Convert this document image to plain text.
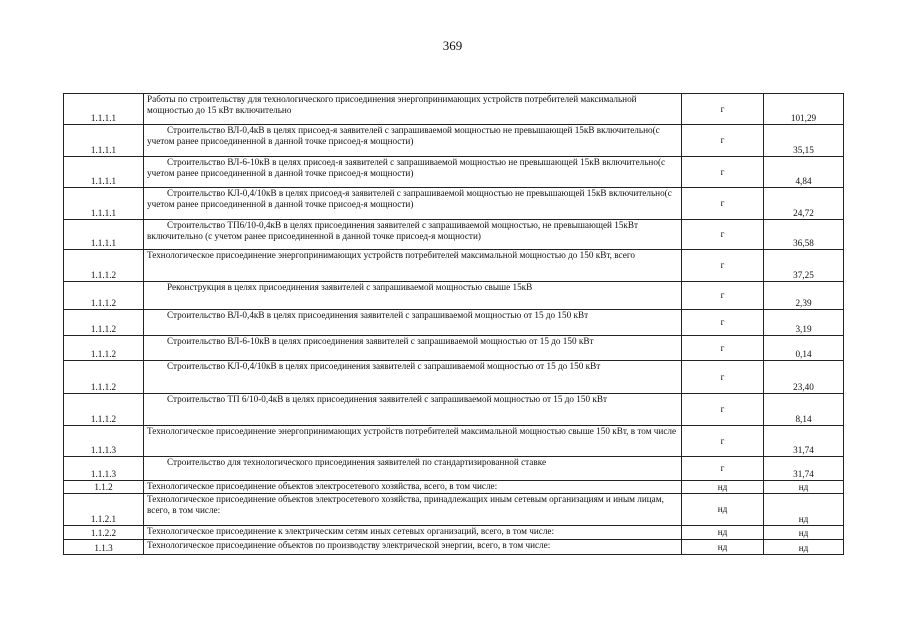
369
1.1.1.1	Работы по строительству для технологического присоединения энергопринимающих устройств потребителей максимальной мощностью до 15 кВт включительно	г	101,29
1.1.1.1	Строительство ВЛ-0,4кВ в целях присоед-я заявителей с запрашиваемой мощностью не превышающей 15кВ включительно(с учетом ранее присоединенной в данной точке присоед-я мощности)	г	35,15
1.1.1.1	Строительство ВЛ-6-10кВ в целях присоед-я заявителей с запрашиваемой мощностью не превышающей 15кВ включительно(с учетом ранее присоединенной в данной точке присоед-я мощности)	г	4,84
1.1.1.1	Строительство КЛ-0,4/10кВ в целях присоед-я заявителей с запрашиваемой мощностью не превышающей 15кВ включительно(с учетом ранее присоединенной в данной точке присоед-я мощности)	г	24,72
1.1.1.1	Строительство ТП6/10-0,4кВ в целях присоединения заявителей с запрашиваемой мощностью, не превышающей 15кВт включительно (с учетом ранее присоединенной в данной точке присоед-я мощности)	г	36,58
1.1.1.2	Технологическое присоединение энергопринимающих устройств потребителей максимальной мощностью до 150 кВт, всего	г	37,25
1.1.1.2	Реконструкция в целях присоединения заявителей с запрашиваемой мощностью свыше 15кВ	г	2,39
1.1.1.2	Строительство ВЛ-0,4кВ в целях присоединения заявителей с запрашиваемой мощностью от 15 до 150 кВт	г	3,19
1.1.1.2	Строительство ВЛ-6-10кВ в целях присоединения заявителей с запрашиваемой мощностью от 15 до 150 кВт	г	0,14
1.1.1.2	Строительство КЛ-0,4/10кВ в целях присоединения заявителей с запрашиваемой мощностью от 15 до 150 кВт	г	23,40
1.1.1.2	Строительство ТП 6/10-0,4кВ в целях присоединения заявителей с запрашиваемой мощностью от 15 до 150 кВт	г	8,14
1.1.1.3	Технологическое присоединение энергопринимающих устройств потребителей максимальной мощностью свыше 150 кВт, в том числе	г	31,74
1.1.1.3	Строительство для технологического присоединения заявителей по стандартизированной ставке	г	31,74
1.1.2	Технологическое присоединение объектов электросетевого хозяйства, всего, в том числе:	нд	нд
1.1.2.1	Технологическое присоединение объектов электросетевого хозяйства, принадлежащих иным сетевым организациям и иным лицам, всего, в том числе:	нд	нд
1.1.2.2	Технологическое присоединение к электрическим сетям иных сетевых организаций, всего, в том числе:	нд	нд
1.1.3	Технологическое присоединение объектов по производству электрической энергии, всего, в том числе:	нд	нд
